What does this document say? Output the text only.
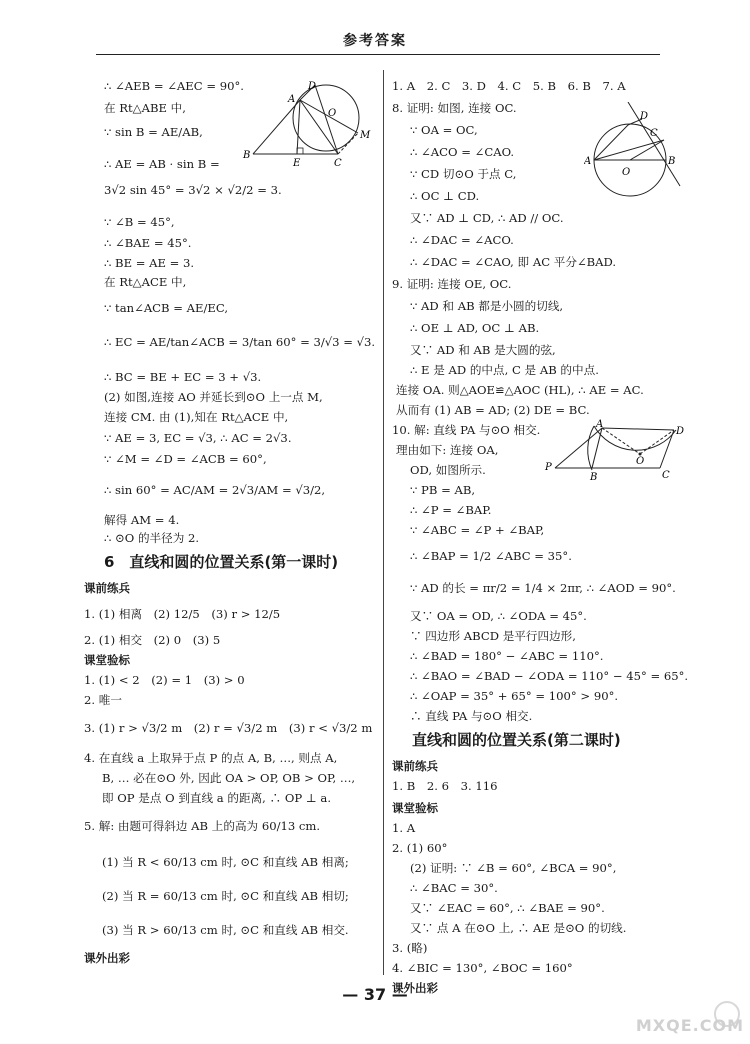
参考答案
∴ ∠AEB = ∠AEC = 90°.
在 Rt△ABE 中,
∵ sin B = AE/AB,
∴ AE = AB · sin B =
3√2 sin 45° = 3√2 × √2/2 = 3.
∵ ∠B = 45°,
∴ ∠BAE = 45°.
∴ BE = AE = 3.
在 Rt△ACE 中,
∵ tan∠ACB = AE/EC,
∴ EC = AE/tan∠ACB = 3/tan 60° = 3/√3 = √3.
∴ BC = BE + EC = 3 + √3.
(2) 如图,连接 AO 并延长到⊙O 上一点 M,
连接 CM. 由 (1),知在 Rt△ACE 中,
∵ AE = 3, EC = √3, ∴ AC = 2√3.
∵ ∠M = ∠D = ∠ACB = 60°,
∴ sin 60° = AC/AM = 2√3/AM = √3/2,
解得 AM = 4.
∴ ⊙O 的半径为 2.
6　直线和圆的位置关系(第一课时)
课前练兵
1. (1) 相离　(2) 12/5　(3) r > 12/5
2. (1) 相交　(2) 0　(3) 5
课堂验标
1. (1) < 2　(2) = 1　(3) > 0
2. 唯一
3. (1) r > √3/2 m　(2) r = √3/2 m　(3) r < √3/2 m
4. 在直线 a 上取异于点 P 的点 A, B, …, 则点 A,
B, … 必在⊙O 外, 因此 OA > OP, OB > OP, …,
即 OP 是点 O 到直线 a 的距离, ∴ OP ⊥ a.
5. 解: 由题可得斜边 AB 上的高为 60/13 cm.
(1) 当 R < 60/13 cm 时, ⊙C 和直线 AB 相离;
(2) 当 R = 60/13 cm 时, ⊙C 和直线 AB 相切;
(3) 当 R > 60/13 cm 时, ⊙C 和直线 AB 相交.
课外出彩
D
A
O
M
B
E	C
1. A　2. C　3. D　4. C　5. B　6. B　7. A
8. 证明: 如图, 连接 OC.
∵ OA = OC,
∴ ∠ACO = ∠CAO.
∵ CD 切⊙O 于点 C,
∴ OC ⊥ CD.
又∵ AD ⊥ CD, ∴ AD // OC.
∴ ∠DAC = ∠ACO.
∴ ∠DAC = ∠CAO, 即 AC 平分∠BAD.
9. 证明: 连接 OE, OC.
∵ AD 和 AB 都是小圆的切线,
∴ OE ⊥ AD, OC ⊥ AB.
又∵ AD 和 AB 是大圆的弦,
∴ E 是 AD 的中点, C 是 AB 的中点.
连接 OA. 则△AOE≌△AOC (HL), ∴ AE = AC.
从而有 (1) AB = AD; (2) DE = BC.
10. 解: 直线 PA 与⊙O 相交.
理由如下: 连接 OA,
OD, 如图所示.
∵ PB = AB,
∴ ∠P = ∠BAP.
∵ ∠ABC = ∠P + ∠BAP,
∴ ∠BAP = 1/2 ∠ABC = 35°.
∵ AD 的长 = πr/2 = 1/4 × 2πr, ∴ ∠AOD = 90°.
又∵ OA = OD, ∴ ∠ODA = 45°.
∵ 四边形 ABCD 是平行四边形,
∴ ∠BAD = 180° − ∠ABC = 110°.
∴ ∠BAO = ∠BAD − ∠ODA = 110° − 45° = 65°.
∴ ∠OAP = 35° + 65° = 100° > 90°.
∴ 直线 PA 与⊙O 相交.
直线和圆的位置关系(第二课时)
课前练兵
1. B　2. 6　3. 116
课堂验标
1. A
2. (1) 60°
(2) 证明: ∵ ∠B = 60°, ∠BCA = 90°,
∴ ∠BAC = 30°.
又∵ ∠EAC = 60°, ∴ ∠BAE = 90°.
又∵ 点 A 在⊙O 上, ∴ AE 是⊙O 的切线.
3. (略)
4. ∠BIC = 130°, ∠BOC = 160°
课外出彩
D
C
A	B
O
A
D
P
B
O
C
— 37 —
MXQE.COM
